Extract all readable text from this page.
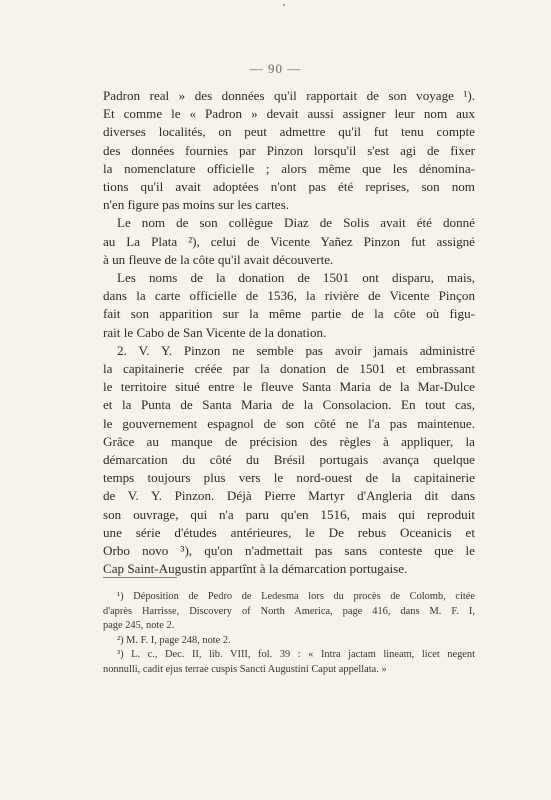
— 90 —
Padron real » des données qu'il rapportait de son voyage ¹).
Et comme le « Padron » devait aussi assigner leur nom aux
diverses localités, on peut admettre qu'il fut tenu compte
des données fournies par Pinzon lorsqu'il s'est agi de fixer
la nomenclature officielle ; alors même que les dénomina-
tions qu'il avait adoptées n'ont pas été reprises, son nom
n'en figure pas moins sur les cartes.
Le nom de son collègue Diaz de Solis avait été donné
au La Plata ²), celui de Vicente Yañez Pinzon fut assigné
à un fleuve de la côte qu'il avait découverte.
Les noms de la donation de 1501 ont disparu, mais,
dans la carte officielle de 1536, la rivière de Vicente Pinçon
fait son apparition sur la même partie de la côte où figu-
rait le Cabo de San Vicente de la donation.
2. V. Y. Pinzon ne semble pas avoir jamais administré
la capitainerie créée par la donation de 1501 et embrassant
le territoire situé entre le fleuve Santa Maria de la Mar-Dulce
et la Punta de Santa Maria de la Consolacion. En tout cas,
le gouvernement espagnol de son côté ne l'a pas maintenue.
Grâce au manque de précision des règles à appliquer, la
démarcation du côté du Brésil portugais avança quelque
temps toujours plus vers le nord-ouest de la capitainerie
de V. Y. Pinzon. Déjà Pierre Martyr d'Angleria dit dans
son ouvrage, qui n'a paru qu'en 1516, mais qui reproduit
une série d'études antérieures, le De rebus Oceanicis et
Orbo novo ³), qu'on n'admettait pas sans conteste que le
Cap Saint-Augustin appartînt à la démarcation portugaise.
¹) Déposition de Pedro de Ledesma lors du procès de Colomb, citée
d'après Harrisse, Discovery of North America, page 416, dans M. F. I,
page 245, note 2.
²) M. F. I, page 248, note 2.
³) L. c., Dec. II, lib. VIII, fol. 39 : « Intra jactam lineam, licet negent
nonnulli, cadit ejus terrae cuspis Sancti Augustini Caput appellata. »
